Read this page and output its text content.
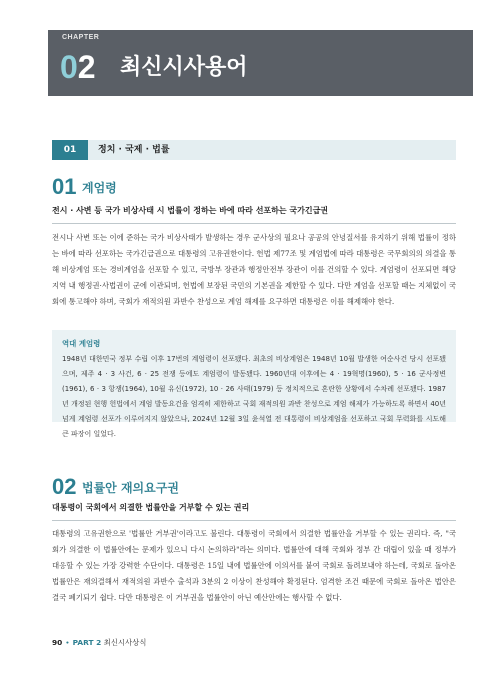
CHAPTER
02 최신시사용어
01	정치 · 국제 · 법률
01 계엄령
전시 · 사변 등 국가 비상사태 시 법률이 정하는 바에 따라 선포하는 국가긴급권

전시나 사변 또는 이에 준하는 국가 비상사태가 발생하는 경우 군사상의 필요나 공공의 안녕질서를 유지하기 위해 법률이 정하는 바에 따라 선포하는 국가긴급권으로 대통령의 고유권한이다. 헌법 제77조 및 계엄법에 따라 대통령은 국무회의의 의결을 통해 비상계엄 또는 경비계엄을 선포할 수 있고, 국방부 장관과 행정안전부 장관이 이를 건의할 수 있다. 계엄령이 선포되면 해당 지역 내 행정권·사법권이 군에 이관되며, 헌법에 보장된 국민의 기본권을 제한할 수 있다. 다만 계엄을 선포할 때는 지체없이 국회에 통고해야 하며, 국회가 재적의원 과반수 찬성으로 계엄 해제를 요구하면 대통령은 이를 해제해야 한다.

역대 계엄령

1948년 대한민국 정부 수립 이후 17번의 계엄령이 선포됐다. 최초의 비상계엄은 1948년 10월 발생한 여순사건 당시 선포됐으며, 제주 4 · 3 사건, 6 · 25 전쟁 등에도 계엄령이 발동됐다. 1960년대 이후에는 4 · 19혁명(1960), 5 · 16 군사정변(1961), 6 · 3 항쟁(1964), 10월 유신(1972), 10 · 26 사태(1979) 등 정치적으로 혼란한 상황에서 수차례 선포됐다. 1987년 개정된 현행 헌법에서 계엄 발동요건을 엄격히 제한하고 국회 재적의원 과반 찬성으로 계엄 해제가 가능하도록 하면서 40년 넘게 계엄령 선포가 이루어지지 않았으나, 2024년 12월 3일 윤석열 전 대통령이 비상계엄을 선포하고 국회 무력화를 시도해 큰 파장이 일었다.

02 법률안 재의요구권
대통령이 국회에서 의결한 법률안을 거부할 수 있는 권리

대통령의 고유권한으로 '법률안 거부권'이라고도 불린다. 대통령이 국회에서 의결한 법률안을 거부할 수 있는 권리다. 즉, "국회가 의결한 이 법률안에는 문제가 있으니 다시 논의하라"라는 의미다. 법률안에 대해 국회와 정부 간 대립이 있을 때 정부가 대응할 수 있는 가장 강력한 수단이다. 대통령은 15일 내에 법률안에 이의서를 붙여 국회로 돌려보내야 하는데, 국회로 돌아온 법률안은 재의결해서 재적의원 과반수 출석과 3분의 2 이상이 찬성해야 확정된다. 엄격한 조건 때문에 국회로 돌아온 법안은 결국 폐기되기 쉽다. 다만 대통령은 이 거부권을 법률안이 아닌 예산안에는 행사할 수 없다.

90 • PART 2 최신시사상식
